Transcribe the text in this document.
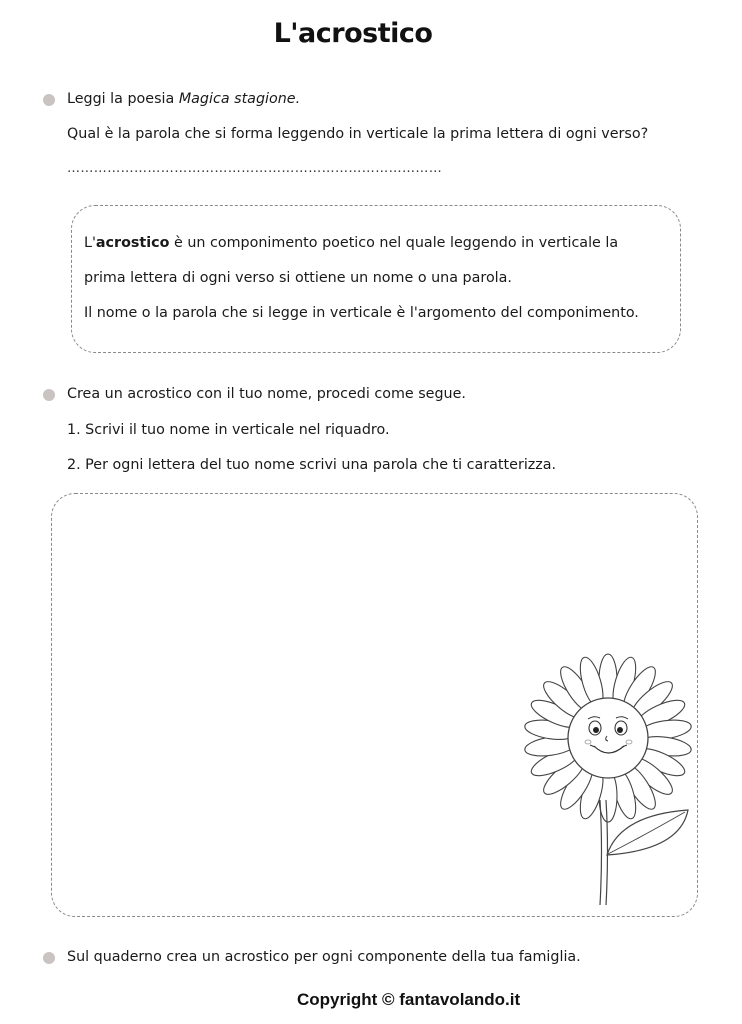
L'acrostico
Leggi la poesia Magica stagione.
Qual è la parola che si forma leggendo in verticale la prima lettera di ogni verso?
…………………………………………………………………………
L'acrostico è un componimento poetico nel quale leggendo in verticale la
prima lettera di ogni verso si ottiene un nome o una parola.
Il nome o la parola che si legge in verticale è l'argomento del componimento.
Crea un acrostico con il tuo nome, procedi come segue.
1. Scrivi il tuo nome in verticale nel riquadro.
2. Per ogni lettera del tuo nome scrivi una parola che ti caratterizza.
Sul quaderno crea un acrostico per ogni componente della tua famiglia.
Copyright © fantavolando.it
